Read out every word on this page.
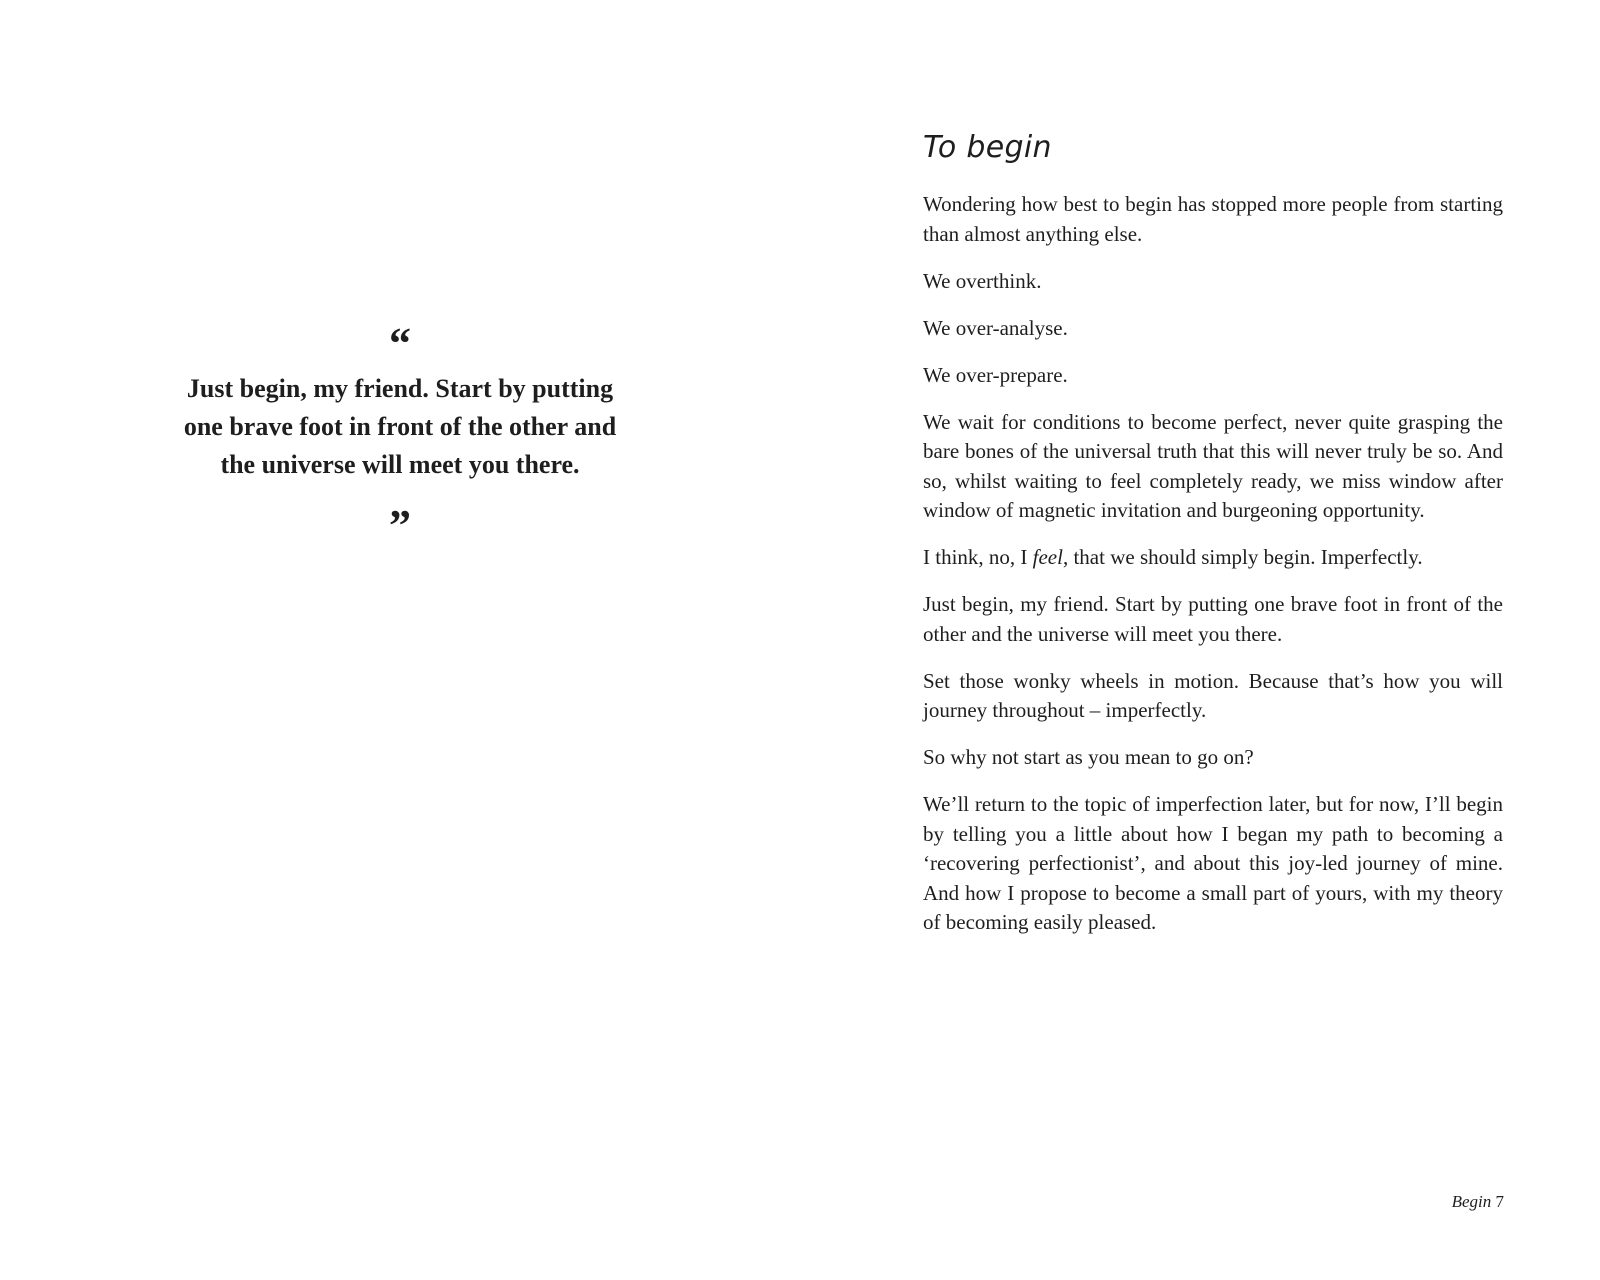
“
Just begin, my friend. Start by putting one brave foot in front of the other and the universe will meet you there.
”
To begin

Wondering how best to begin has stopped more people from starting than almost anything else.

We overthink.

We over-analyse.

We over-prepare.

We wait for conditions to become perfect, never quite grasping the bare bones of the universal truth that this will never truly be so. And so, whilst waiting to feel completely ready, we miss window after window of magnetic invitation and burgeoning opportunity.

I think, no, I feel, that we should simply begin. Imperfectly.

Just begin, my friend. Start by putting one brave foot in front of the other and the universe will meet you there.

Set those wonky wheels in motion. Because that’s how you will journey throughout – imperfectly.

So why not start as you mean to go on?

We’ll return to the topic of imperfection later, but for now, I’ll begin by telling you a little about how I began my path to becoming a ‘recovering perfectionist’, and about this joy-led journey of mine. And how I propose to become a small part of yours, with my theory of becoming easily pleased.

Begin 7
